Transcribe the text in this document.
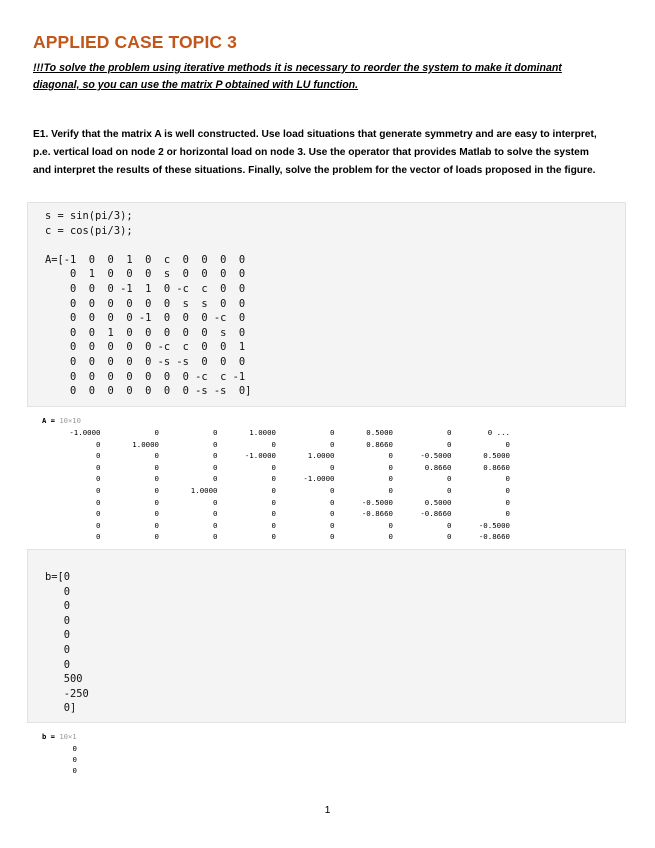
APPLIED CASE TOPIC 3

!!!To solve the problem using iterative methods it is necessary to reorder the system to make it dominant diagonal, so you can use the matrix P obtained with LU function.

E1. Verify that the matrix A is well constructed. Use load situations that generate symmetry and are easy to interpret, p.e. vertical load on node 2 or horizontal load on node 3. Use the operator that provides Matlab to solve the system and interpret the results of these situations. Finally, solve the problem for the vector of loads proposed in the figure.

s = sin(pi/3);
c = cos(pi/3);

A=[-1  0  0  1  0  c  0  0  0  0
0  1  0  0  0  s  0  0  0  0
0  0  0 -1  1  0 -c  c  0  0
0  0  0  0  0  0  s  s  0  0
0  0  0  0 -1  0  0  0 -c  0
0  0  1  0  0  0  0  0  s  0
0  0  0  0  0 -c  c  0  0  1
0  0  0  0  0 -s -s  0  0  0
0  0  0  0  0  0  0 -c  c -1
0  0  0  0  0  0  0 -s -s  0]
A = 10×10
-1.0000	0	0	1.0000	0	0.5000	0	0 ...
0	1.0000	0	0	0	0.8660	0	0
0	0	0	-1.0000	1.0000	0	-0.5000	0.5000
0	0	0	0	0	0	0.8660	0.8660
0	0	0	0	-1.0000	0	0	0
0	0	1.0000	0	0	0	0	0
0	0	0	0	0	-0.5000	0.5000	0
0	0	0	0	0	-0.8660	-0.8660	0
0	0	0	0	0	0	0	-0.5000
0	0	0	0	0	0	0	-0.8660
b=[0
0
0
0
0
0
0
500
-250
0]
b = 10×1
0
0
0
1
